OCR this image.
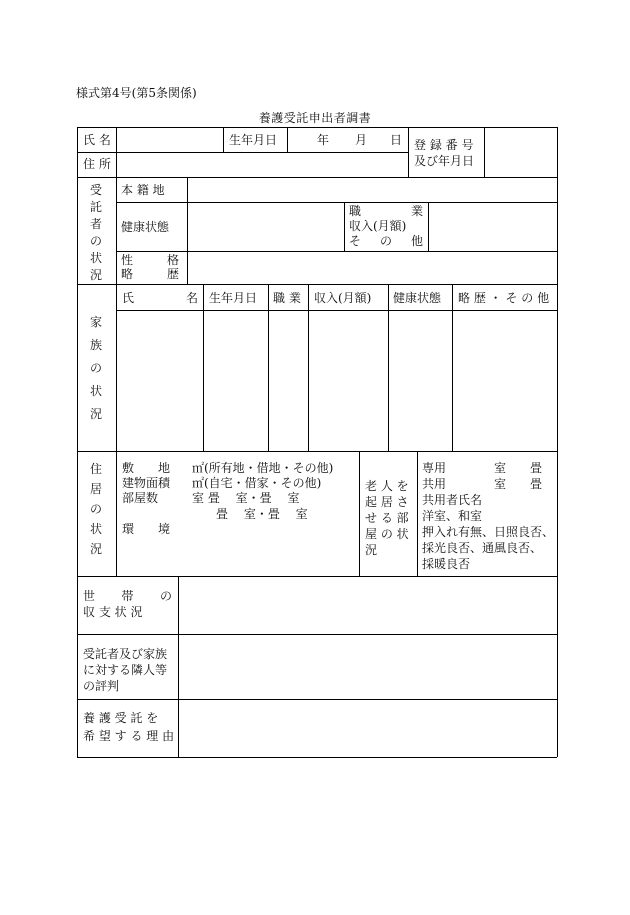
様式第4号(第5条関係)
養護受託申出者調書
氏 名	生年月日	年 月 日 登 録 番 号
及び年月日
住 所
受
託
者
の
状
況
本 籍 地
健康状態
職	業
収入(月額)
そ の 他
性	格
略	歴
家
族
の
状
況
氏	名 生年月日 職 業 収入(月額) 健康状態 略 歴 ・ そ の 他
住
居
の
状
況
敷　　地 ㎡(所有地・借地・その他)
建物面積 ㎡(自宅・借家・その他)
部屋数	室 畳　 室・畳　 室
畳　 室・畳　 室
環　　境
老 人 を
起 居 さ
せ る 部
屋 の 状
況
専用　　　　室　　畳
共用　　　　室　　畳
共用者氏名
洋室、和室
押入れ有無、日照良否、
採光良否、通風良否、
採暖良否
世 帯 の
収 支 状 況
受託者及び家族
に対する隣人等
の評判
養 護 受 託 を
希 望 す る 理 由
